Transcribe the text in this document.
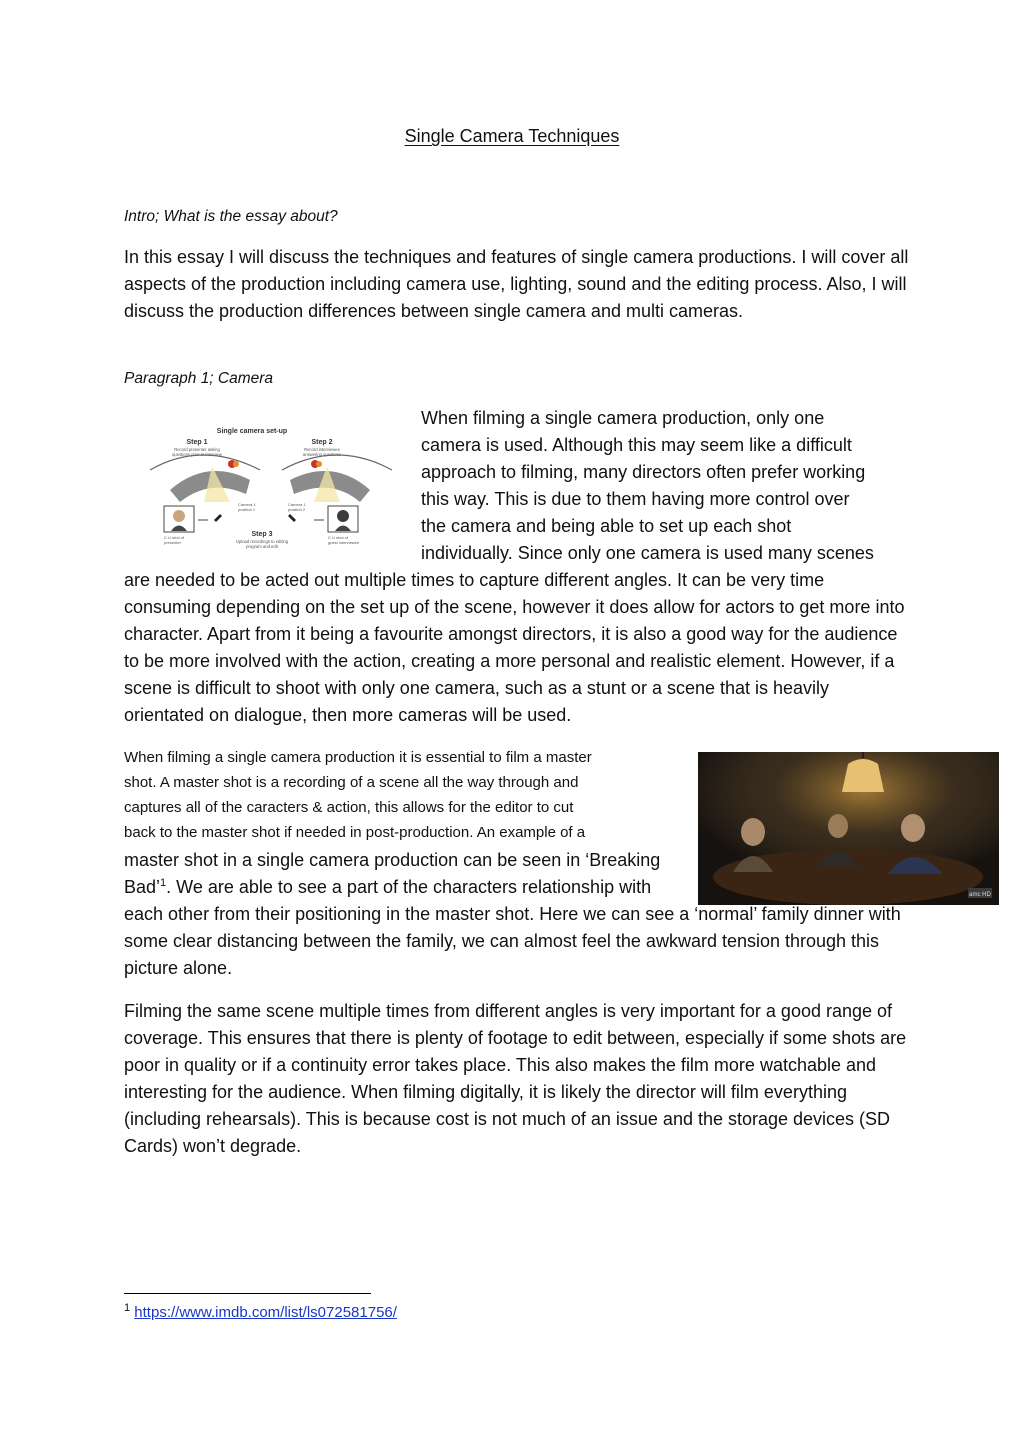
Single Camera Techniques
Intro; What is the essay about?

In this essay I will discuss the techniques and features of single camera productions. I will cover all aspects of the production including camera use, lighting, sound and the editing process. Also, I will discuss the production differences between single camera and multi cameras.

Paragraph 1; Camera
Single camera set-up
Step 1
Record presenter asking
questions prior to interview
Step 2
Record interviewee
answering questions
Camera 1
position 1
Camera 1
position 2
C.U shot of
presenter
C.U shot of
guest interviewee
Step 3
Upload recordings to editing
program and edit
When filming a single camera production, only one
camera is used. Although this may seem like a difficult
approach to filming, many directors often prefer working
this way. This is due to them having more control over
the camera and being able to set up each shot
individually. Since only one camera is used many scenes

are needed to be acted out multiple times to capture different angles. It can be very time consuming depending on the set up of the scene, however it does allow for actors to get more into character. Apart from it being a favourite amongst directors, it is also a good way for the audience to be more involved with the action, creating a more personal and realistic element. However, if a scene is difficult to shoot with only one camera, such as a stunt or a scene that is heavily orientated on dialogue, then more cameras will be used.

amc HD
When filming a single camera production it is essential to film a master
shot. A master shot is a recording of a scene all the way through and
captures all of the caracters & action, this allows for the editor to cut
back to the master shot if needed in post-production. An example of a
master shot in a single camera production can be seen in ‘Breaking
Bad’$^1$. We are able to see a part of the characters relationship with

each other from their positioning in the master shot. Here we can see a ‘normal’ family dinner with some clear distancing between the family, we can almost feel the awkward tension through this picture alone.

Filming the same scene multiple times from different angles is very important for a good range of coverage. This ensures that there is plenty of footage to edit between, especially if some shots are poor in quality or if a continuity error takes place. This also makes the film more watchable and interesting for the audience. When filming digitally, it is likely the director will film everything (including rehearsals). This is because cost is not much of an issue and the storage devices (SD Cards) won’t degrade.

$^1$ https://www.imdb.com/list/ls072581756/
